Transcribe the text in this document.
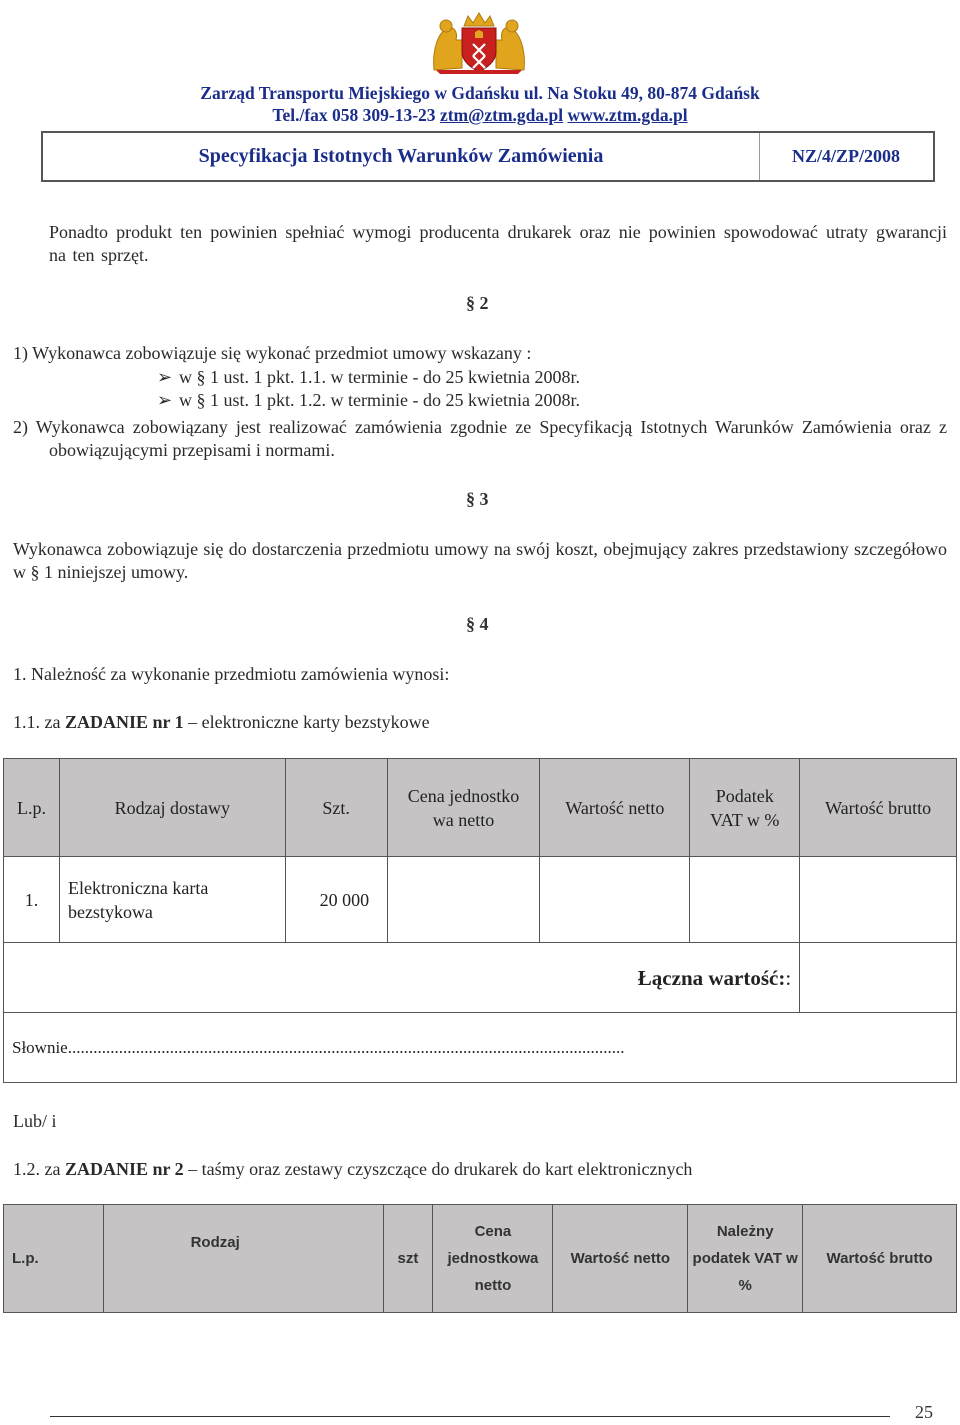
Zarząd Transportu Miejskiego w Gdańsku ul. Na Stoku 49, 80-874 Gdańsk
Tel./fax 058 309-13-23 ztm@ztm.gda.pl www.ztm.gda.pl
Specyfikacja Istotnych Warunków Zamówienia	NZ/4/ZP/2008
Ponadto produkt ten powinien spełniać wymogi producenta drukarek oraz nie powinien spowodować utraty gwarancji na ten sprzęt.
§ 2
1) Wykonawca zobowiązuje się wykonać przedmiot umowy wskazany :
➢ w § 1 ust. 1 pkt. 1.1. w terminie - do 25 kwietnia 2008r.
➢ w § 1 ust. 1 pkt. 1.2. w terminie - do 25 kwietnia 2008r.
2) Wykonawca zobowiązany jest realizować zamówienia zgodnie ze Specyfikacją Istotnych Warunków Zamówienia oraz z obowiązującymi przepisami i normami.
§ 3
Wykonawca zobowiązuje się do dostarczenia przedmiotu umowy na swój koszt, obejmujący zakres przedstawiony szczegółowo w § 1 niniejszej umowy.
§ 4
1. Należność za wykonanie przedmiotu zamówienia wynosi:
1.1. za ZADANIE nr 1 – elektroniczne karty bezstykowe
L.p.	Rodzaj dostawy	Szt.	Cena jednostko wa netto	Wartość netto	Podatek VAT w %	Wartość brutto
1.	Elektroniczna karta bezstykowa	20 000				
Łączna wartość::						
Słownie...................................................................................................................................						
Lub/ i
1.2. za ZADANIE nr 2 – taśmy oraz zestawy czyszczące do drukarek do kart elektronicznych
L.p.	Rodzaj	szt	Cena jednostkowa netto	Wartość netto	Należny podatek VAT w %	Wartość brutto
25
